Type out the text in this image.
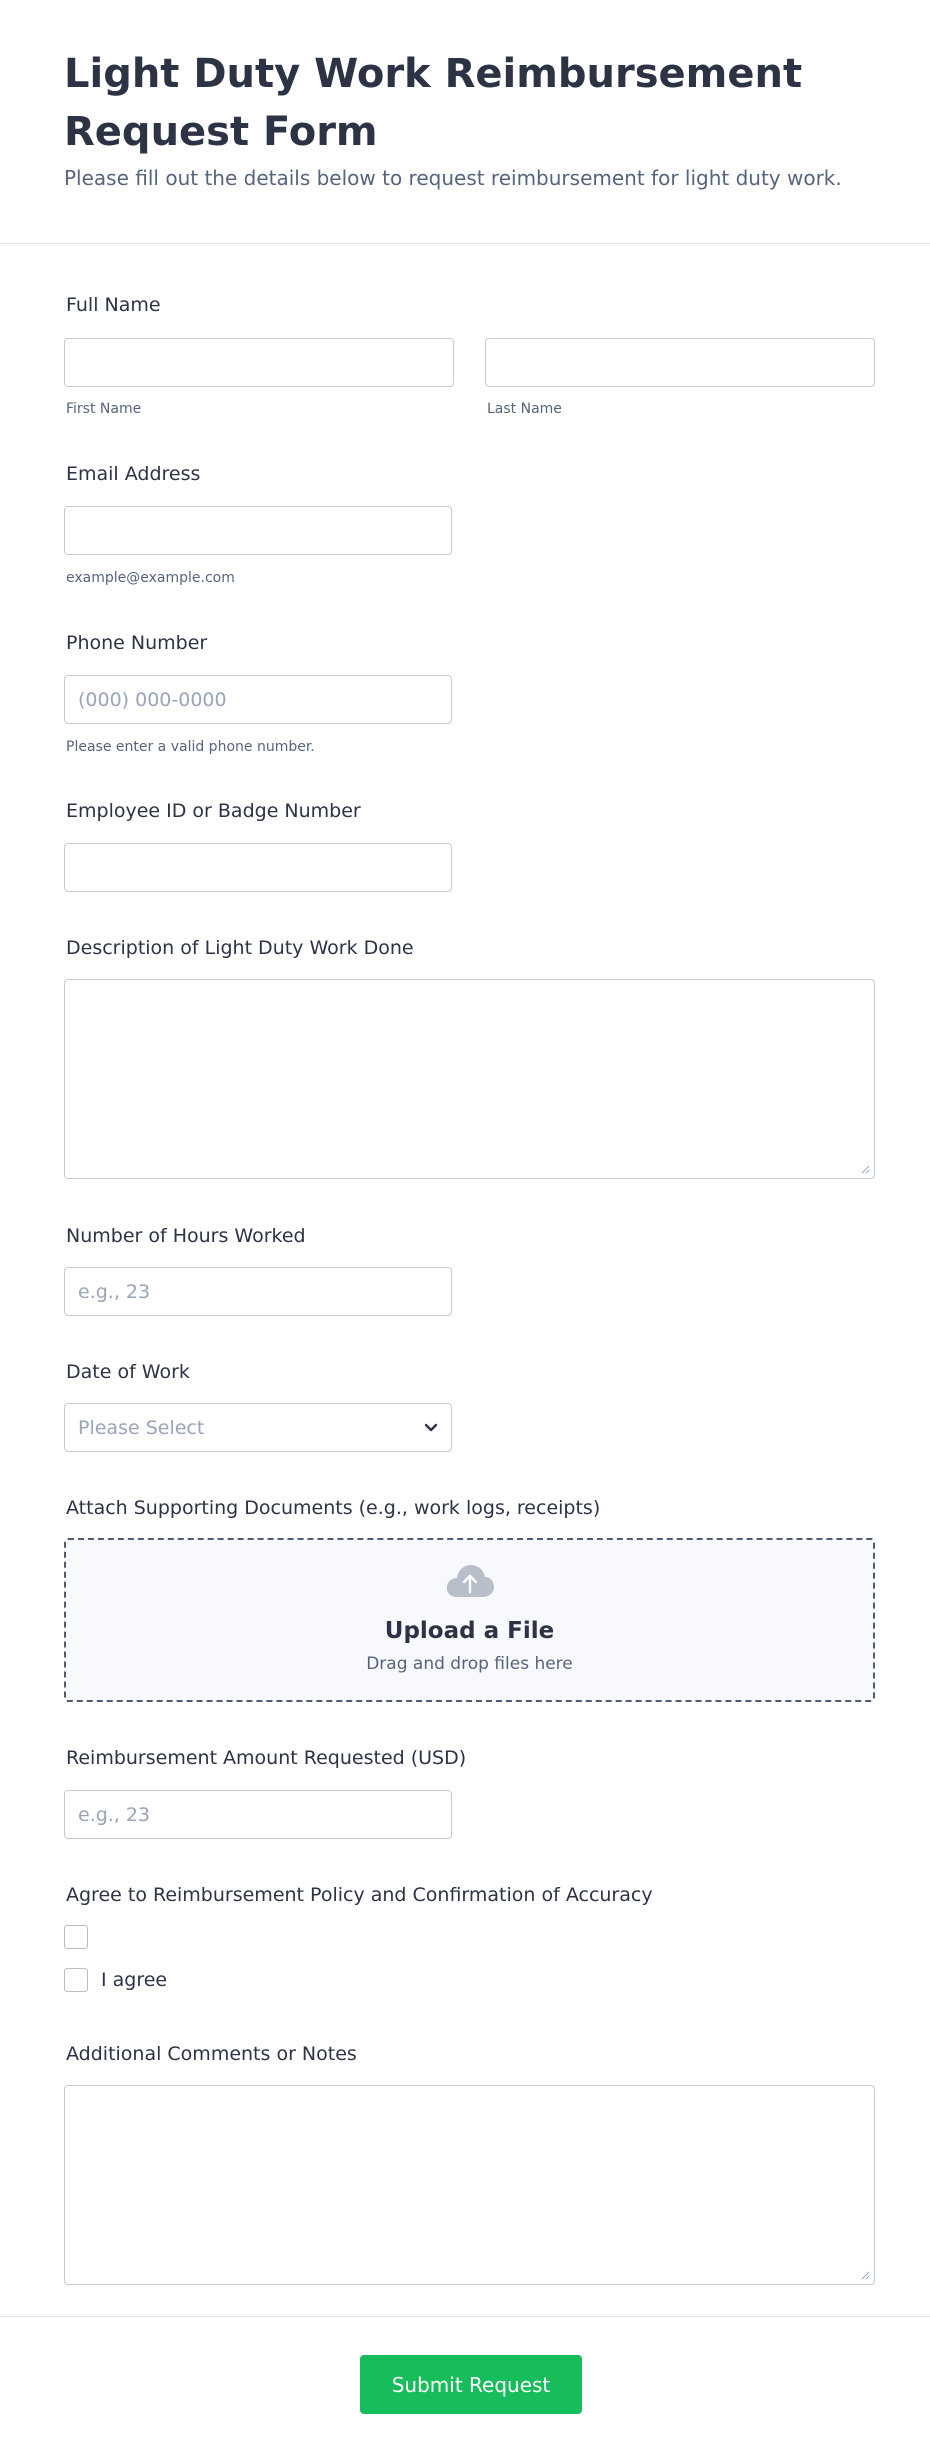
Light Duty Work Reimbursement Request Form

Please fill out the details below to request reimbursement for light duty work.

Full Name
First Name	Last Name
Email Address
example@example.com
Phone Number
(000) 000-0000
Please enter a valid phone number.
Employee ID or Badge Number
Description of Light Duty Work Done
Number of Hours Worked
e.g., 23
Date of Work
Please Select
Attach Supporting Documents (e.g., work logs, receipts)
Upload a File
Drag and drop files here
Reimbursement Amount Requested (USD)
e.g., 23
Agree to Reimbursement Policy and Confirmation of Accuracy
I agree
Additional Comments or Notes
Submit Request
